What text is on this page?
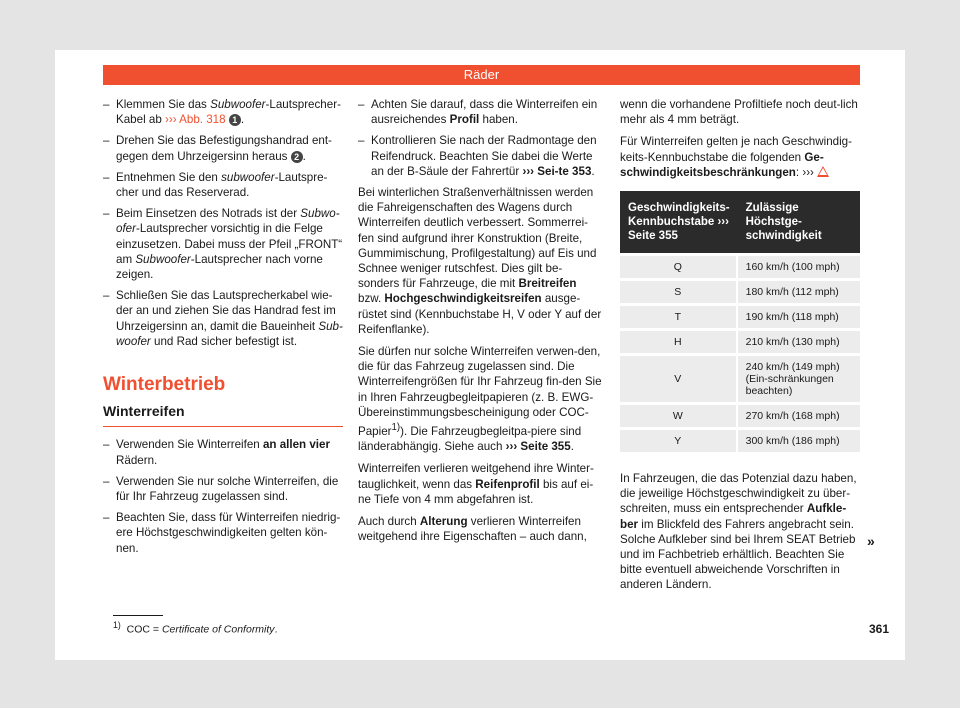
Räder
– Klemmen Sie das Subwoofer-Lautsprecher-Kabel ab ››› Abb. 318 1 .
– Drehen Sie das Befestigungshandrad ent-gegen dem Uhrzeigersinn heraus 2 .
– Entnehmen Sie den subwoofer-Lautspre-cher und das Reserverad.
– Beim Einsetzen des Notrads ist der Subwo-ofer-Lautsprecher vorsichtig in die Felge einzusetzen. Dabei muss der Pfeil „FRONT“ am Subwoofer-Lautsprecher nach vorne zeigen.
– Schließen Sie das Lautsprecherkabel wie-der an und ziehen Sie das Handrad fest im Uhrzeigersinn an, damit die Baueinheit Sub-woofer und Rad sicher befestigt ist.
Winterbetrieb
Winterreifen
– Verwenden Sie Winterreifen an allen vier Rädern.
– Verwenden Sie nur solche Winterreifen, die für Ihr Fahrzeug zugelassen sind.
– Beachten Sie, dass für Winterreifen niedrig-ere Höchstgeschwindigkeiten gelten kön-nen.
– Achten Sie darauf, dass die Winterreifen ein ausreichendes Profil haben.
– Kontrollieren Sie nach der Radmontage den Reifendruck. Beachten Sie dabei die Werte an der B-Säule der Fahrertür ››› Sei-te 353.

Bei winterlichen Straßenverhältnissen werden die Fahreigenschaften des Wagens durch Winterreifen deutlich verbessert. Sommerrei-fen sind aufgrund ihrer Konstruktion (Breite, Gummimischung, Profilgestaltung) auf Eis und Schnee weniger rutschfest. Dies gilt be-sonders für Fahrzeuge, die mit Breitreifen bzw. Hochgeschwindigkeitsreifen ausge-rüstet sind (Kennbuchstabe H, V oder Y auf der Reifenflanke).

Sie dürfen nur solche Winterreifen verwen-den, die für das Fahrzeug zugelassen sind. Die Winterreifengrößen für Ihr Fahrzeug fin-den Sie in Ihren Fahrzeugbegleitpapieren (z. B. EWG-Übereinstimmungsbescheinigung oder COC-Papier$^{1)}$). Die Fahrzeugbegleitpa-piere sind länderabhängig. Siehe auch ››› Seite 355.

Winterreifen verlieren weitgehend ihre Winter-tauglichkeit, wenn das Reifenprofil bis auf ei-ne Tiefe von 4 mm abgefahren ist.

Auch durch Alterung verlieren Winterreifen weitgehend ihre Eigenschaften – auch dann,

wenn die vorhandene Profiltiefe noch deut-lich mehr als 4 mm beträgt.

Für Winterreifen gelten je nach Geschwindig-keits-Kennbuchstabe die folgenden Ge-schwindigkeitsbeschränkungen: ›››

Geschwindigkeits-Kennbuchstabe ››› Seite 355	Zulässige Höchstge-schwindigkeit
Q	160 km/h (100 mph)
S	180 km/h (112 mph)
T	190 km/h (118 mph)
H	210 km/h (130 mph)
V	240 km/h (149 mph) (Ein-schränkungen beachten)
W	270 km/h (168 mph)
Y	300 km/h (186 mph)

In Fahrzeugen, die das Potenzial dazu haben, die jeweilige Höchstgeschwindigkeit zu über-schreiten, muss ein entsprechender Aufkle-ber im Blickfeld des Fahrers angebracht sein. Solche Aufkleber sind bei Ihrem SEAT Betrieb und im Fachbetrieb erhältlich. Beachten Sie bitte eventuell abweichende Vorschriften in anderen Ländern.

»
$^{1)}$ COC = Certificate of Conformity.	361
